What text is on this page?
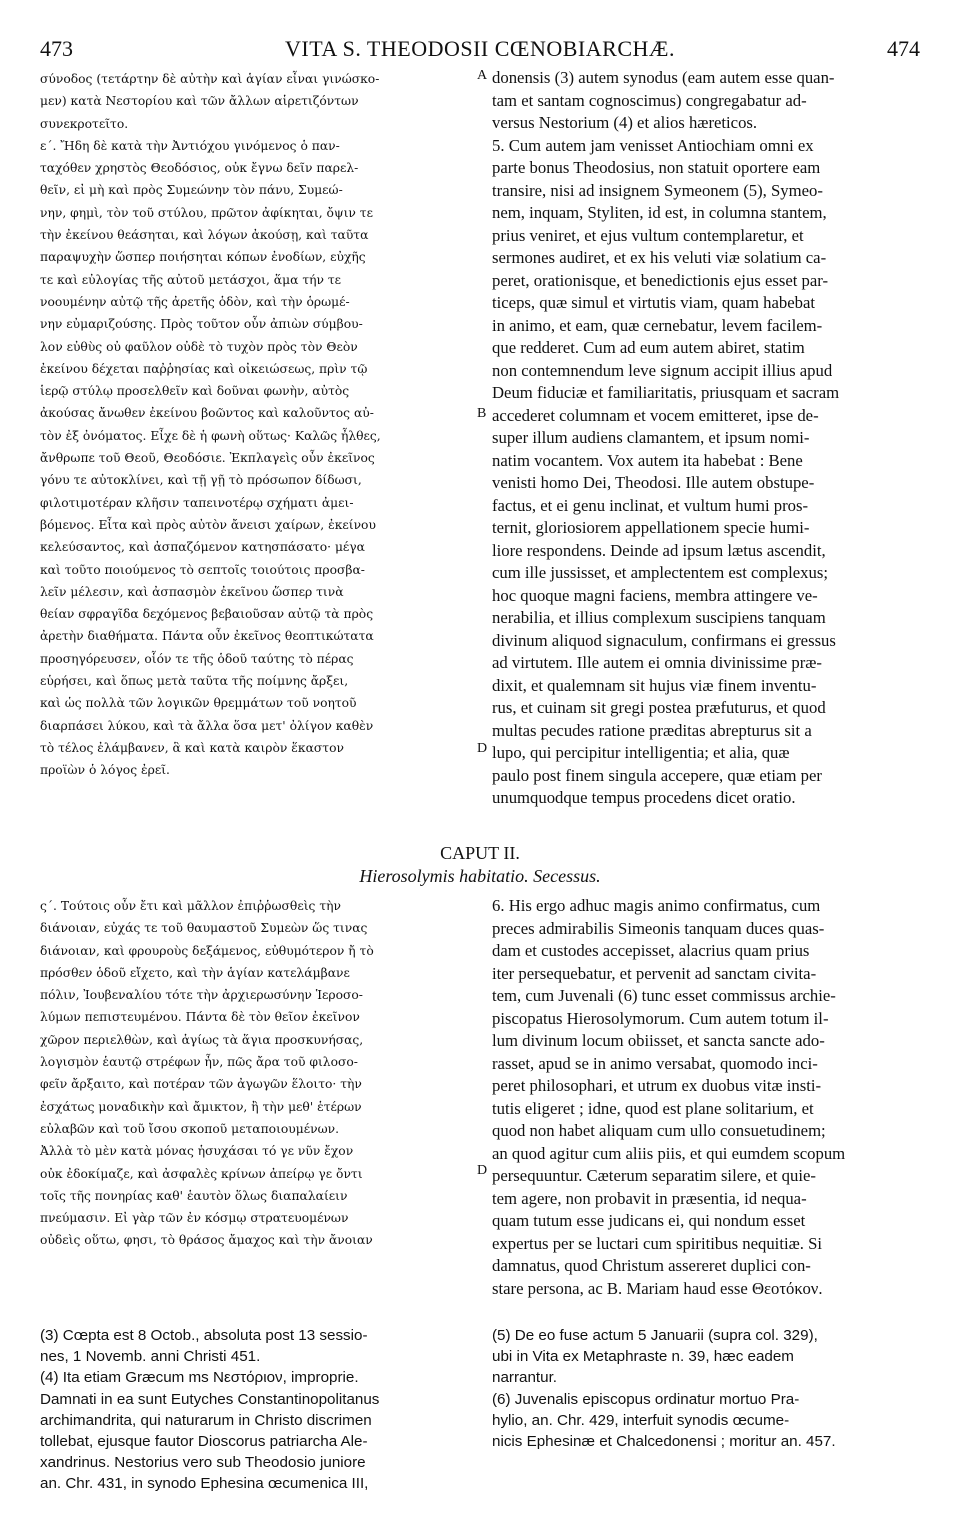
473	VITA S. THEODOSII CŒNOBIARCHÆ.	474
σύνοδος (τετάρτην δὲ αὐτὴν καὶ ἁγίαν εἶναι γινώσκο-
μεν) κατὰ Νεστορίου καὶ τῶν ἄλλων αἱρετιζόντων
συνεκροτεῖτο.
ε΄. Ἤδη δὲ κατὰ τὴν Ἀντιόχου γινόμενος ὁ παν-
ταχόθεν χρηστὸς Θεοδόσιος, οὐκ ἔγνω δεῖν παρελ-
θεῖν, εἰ μὴ καὶ πρὸς Συμεώνην τὸν πάνυ, Συμεώ-
νην, φημὶ, τὸν τοῦ στύλου, πρῶτον ἀφίκηται, ὄψιν τε
τὴν ἐκείνου θεάσηται, καὶ λόγων ἀκούσῃ, καὶ ταῦτα
παραψυχὴν ὥσπερ ποιήσηται κόπων ἐνοδίων, εὐχῆς
τε καὶ εὐλογίας τῆς αὐτοῦ μετάσχοι, ἅμα τήν τε
νοουμένην αὐτῷ τῆς ἀρετῆς ὁδὸν, καὶ τὴν ὁρωμέ-
νην εὐμαριζούσης. Πρὸς τοῦτον οὖν ἀπιὼν σύμβου-
λον εὐθὺς οὐ φαῦλον οὐδὲ τὸ τυχὸν πρὸς τὸν Θεὸν
ἐκείνου δέχεται παῤῥησίας καὶ οἰκειώσεως, πρὶν τῷ
ἱερῷ στύλῳ προσελθεῖν καὶ δοῦναι φωνὴν, αὐτὸς
ἀκούσας ἄνωθεν ἐκείνου βοῶντος καὶ καλοῦντος αὐ-
τὸν ἐξ ὀνόματος. Εἶχε δὲ ἡ φωνὴ οὕτως· Καλῶς ἦλθες,
ἄνθρωπε τοῦ Θεοῦ, Θεοδόσιε. Ἐκπλαγεὶς οὖν ἐκεῖνος
γόνυ τε αὐτοκλίνει, καὶ τῇ γῇ τὸ πρόσωπον δίδωσι,
φιλοτιμοτέραν κλῆσιν ταπεινοτέρῳ σχήματι ἀμει-
βόμενος. Εἶτα καὶ πρὸς αὐτὸν ἄνεισι χαίρων, ἐκείνου
κελεύσαντος, καὶ ἀσπαζόμενον κατησπάσατο· μέγα
καὶ τοῦτο ποιούμενος τὸ σεπτοῖς τοιούτοις προσβα-
λεῖν μέλεσιν, καὶ ἀσπασμὸν ἐκεῖνου ὥσπερ τινὰ
θείαν σφραγῖδα δεχόμενος βεβαιοῦσαν αὐτῷ τὰ πρὸς
ἀρετὴν διαθήματα. Πάντα οὖν ἐκεῖνος θεοπτικώτατα
προσηγόρευσεν, οἷόν τε τῆς ὁδοῦ ταύτης τὸ πέρας
εὑρήσει, καὶ ὅπως μετὰ ταῦτα τῆς ποίμνης ἄρξει,
καὶ ὡς πολλὰ τῶν λογικῶν θρεμμάτων τοῦ νοητοῦ
διαρπάσει λύκου, καὶ τὰ ἄλλα ὅσα μετ' ὀλίγον καθὲν
τὸ τέλος ἐλάμβανεν, ἃ καὶ κατὰ καιρὸν ἕκαστον
προϊὼν ὁ λόγος ἐρεῖ.
donensis (3) autem synodus (eam autem esse quan-
tam et santam cognoscimus) congregabatur ad-
versus Nestorium (4) et alios hæreticos.
5. Cum autem jam venisset Antiochiam omni ex
parte bonus Theodosius, non statuit oportere eam
transire, nisi ad insignem Symeonem (5), Symeo-
nem, inquam, Styliten, id est, in columna stantem,
prius veniret, et ejus vultum contemplaretur, et
sermones audiret, et ex his veluti viæ solatium ca-
peret, orationisque, et benedictionis ejus esset par-
ticeps, quæ simul et virtutis viam, quam habebat
in animo, et eam, quæ cernebatur, levem facilem-
que redderet. Cum ad eum autem abiret, statim
non contemnendum leve signum accipit illius apud
Deum fiduciæ et familiaritatis, priusquam et sacram
accederet columnam et vocem emitteret, ipse de-
super illum audiens clamantem, et ipsum nomi-
natim vocantem. Vox autem ita habebat : Bene
venisti homo Dei, Theodosi. Ille autem obstupe-
factus, et ei genu inclinat, et vultum humi pros-
ternit, gloriosiorem appellationem specie humi-
liore respondens. Deinde ad ipsum lætus ascendit,
cum ille jussisset, et amplectentem est complexus;
hoc quoque magni faciens, membra attingere ve-
nerabilia, et illius complexum suscipiens tanquam
divinum aliquod signaculum, confirmans ei gressus
ad virtutem. Ille autem ei omnia divinissime præ-
dixit, et qualemnam sit hujus viæ finem inventu-
rus, et cuinam sit gregi postea præfuturus, et quod
multas pecudes ratione præditas abrepturus sit a
lupo, qui percipitur intelligentia; et alia, quæ
paulo post finem singula accepere, quæ etiam per
unumquodque tempus procedens dicet oratio.
A
B
D
D
CAPUT II.
Hierosolymis habitatio. Secessus.
ς΄. Τούτοις οὖν ἔτι καὶ μᾶλλον ἐπιῤῥωσθεὶς τὴν
διάνοιαν, εὐχάς τε τοῦ θαυμαστοῦ Συμεὼν ὥς τινας
διάνοιαν, καὶ φρουροὺς δεξάμενος, εὐθυμότερον ἤ τὸ
πρόσθεν ὁδοῦ εἴχετο, καὶ τὴν ἁγίαν κατελάμβανε
πόλιν, Ἰουβεναλίου τότε τὴν ἀρχιερωσύνην Ἱεροσο-
λύμων πεπιστευμένου. Πάντα δὲ τὸν θεῖον ἐκεῖνον
χῶρον περιελθὼν, καὶ ἁγίως τὰ ἅγια προσκυνήσας,
λογισμὸν ἑαυτῷ στρέφων ἦν, πῶς ἄρα τοῦ φιλοσο-
φεῖν ἄρξαιτο, καὶ ποτέραν τῶν ἀγωγῶν ἕλοιτο· τὴν
ἐσχάτως μοναδικὴν καὶ ἄμικτον, ἢ τὴν μεθ' ἑτέρων
εὐλαβῶν καὶ τοῦ ἴσου σκοποῦ μεταποιουμένων.
Ἀλλὰ τὸ μὲν κατὰ μόνας ἡσυχάσαι τό γε νῦν ἔχον
οὐκ ἐδοκίμαζε, καὶ ἀσφαλὲς κρίνων ἀπείρῳ γε ὄντι
τοῖς τῆς πονηρίας καθ' ἑαυτὸν ὅλως διαπαλαίειν
πνεύμασιν. Εἰ γὰρ τῶν ἐν κόσμῳ στρατευομένων
οὐδεὶς οὕτω, φησι, τὸ θράσος ἄμαχος καὶ τὴν ἄνοιαν
6. His ergo adhuc magis animo confirmatus, cum
preces admirabilis Simeonis tanquam duces quas-
dam et custodes accepisset, alacrius quam prius
iter persequebatur, et pervenit ad sanctam civita-
tem, cum Juvenali (6) tunc esset commissus archie-
piscopatus Hierosolymorum. Cum autem totum il-
lum divinum locum obiisset, et sancta sancte ado-
rasset, apud se in animo versabat, quomodo inci-
peret philosophari, et utrum ex duobus vitæ insti-
tutis eligeret ; idne, quod est plane solitarium, et
quod non habet aliquam cum ullo consuetudinem;
an quod agitur cum aliis piis, et qui eumdem scopum
persequuntur. Cæterum separatim silere, et quie-
tem agere, non probavit in præsentia, id nequa-
quam tutum esse judicans ei, qui nondum esset
expertus per se luctari cum spiritibus nequitiæ. Si
damnatus, quod Christum assereret duplici con-
stare persona, ac B. Mariam haud esse Θεοτόκον.
(3) Cœpta est 8 Octob., absoluta post 13 sessio-
nes, 1 Novemb. anni Christi 451.
(4) Ita etiam Græcum ms Νεστόριον, improprie.
Damnati in ea sunt Eutyches Constantinopolitanus
archimandrita, qui naturarum in Christo discrimen
tollebat, ejusque fautor Dioscorus patriarcha Ale-
xandrinus. Nestorius vero sub Theodosio juniore
an. Chr. 431, in synodo Ephesina œcumenica III,
(5) De eo fuse actum 5 Januarii (supra col. 329),
ubi in Vita ex Metaphraste n. 39, hæc eadem
narrantur.
(6) Juvenalis episcopus ordinatur mortuo Pra-
hylio, an. Chr. 429, interfuit synodis œcume-
nicis Ephesinæ et Chalcedonensi ; moritur an. 457.
